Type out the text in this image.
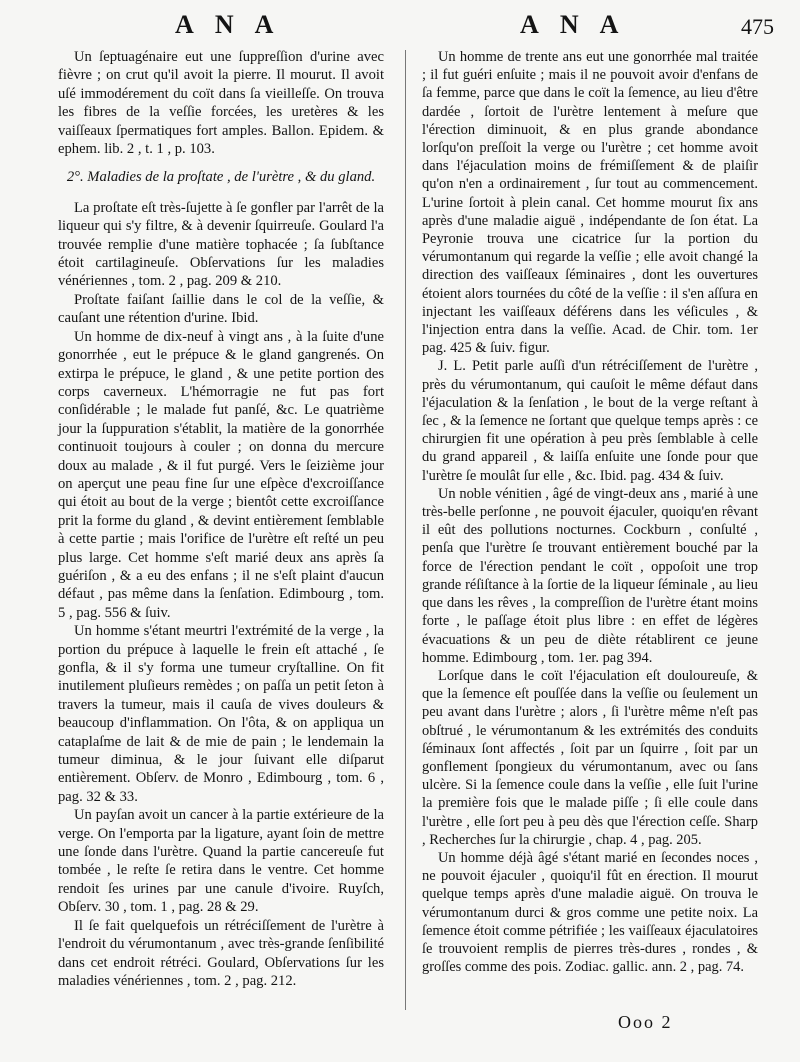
A N A	A N A	475

Un ſeptuagénaire eut une ſuppreſſion d'urine avec fièvre ; on crut qu'il avoit la pierre. Il mourut. Il avoit uſé immodérement du coït dans ſa vieilleſſe. On trouva les fibres de la veſſie forcées, les uretères & les vaiſſeaux ſpermatiques fort amples. Ballon. Epidem. & ephem. lib. 2 , t. 1 , p. 103.

2°. Maladies de la proſtate , de l'urètre , & du gland.

La proſtate eſt très-ſujette à ſe gonfler par l'arrêt de la liqueur qui s'y filtre, & à devenir ſquirreuſe. Goulard l'a trouvée remplie d'une matière tophacée ; ſa ſubſtance étoit cartilagineuſe. Obſervations ſur les maladies vénériennes , tom. 2 , pag. 209 & 210.

Proſtate faiſant ſaillie dans le col de la veſſie, & cauſant une rétention d'urine. Ibid.

Un homme de dix-neuf à vingt ans , à la ſuite d'une gonorrhée , eut le prépuce & le gland gangrenés. On extirpa le prépuce, le gland , & une petite portion des corps caverneux. L'hémorragie ne fut pas fort conſidérable ; le malade fut panſé, &c. Le quatrième jour la ſuppuration s'établit, la matière de la gonorrhée continuoit toujours à couler ; on donna du mercure doux au malade , & il fut purgé. Vers le ſeizième jour on aperçut une peau fine ſur une eſpèce d'excroiſſance qui étoit au bout de la verge ; bientôt cette excroiſſance prit la forme du gland , & devint entièrement ſemblable à cette partie ; mais l'orifice de l'urètre eſt reſté un peu plus large. Cet homme s'eſt marié deux ans après ſa guériſon , & a eu des enfans ; il ne s'eſt plaint d'aucun défaut , pas même dans la ſenſation. Edimbourg , tom. 5 , pag. 556 & ſuiv.

Un homme s'étant meurtri l'extrémité de la verge , la portion du prépuce à laquelle le frein eſt attaché , ſe gonfla, & il s'y forma une tumeur cryſtalline. On fit inutilement pluſieurs remèdes ; on paſſa un petit ſeton à travers la tumeur, mais il cauſa de vives douleurs & beaucoup d'inflammation. On l'ôta, & on appliqua un cataplaſme de lait & de mie de pain ; le lendemain la tumeur diminua, & le jour ſuivant elle diſparut entièrement. Obſerv. de Monro , Edimbourg , tom. 6 , pag. 32 & 33.

Un payſan avoit un cancer à la partie extérieure de la verge. On l'emporta par la ligature, ayant ſoin de mettre une ſonde dans l'urètre. Quand la partie cancereuſe fut tombée , le reſte ſe retira dans le ventre. Cet homme rendoit ſes urines par une canule d'ivoire. Ruyſch, Obſerv. 30 , tom. 1 , pag. 28 & 29.

Il ſe fait quelquefois un rétréciſſement de l'urètre à l'endroit du vérumontanum , avec très-grande ſenſibilité dans cet endroit rétréci. Goulard, Obſervations ſur les maladies vénériennes , tom. 2 , pag. 212.

Un homme de trente ans eut une gonorrhée mal traitée ; il fut guéri enſuite ; mais il ne pouvoit avoir d'enfans de ſa femme, parce que dans le coït la ſemence, au lieu d'être dardée , ſortoit de l'urètre lentement à meſure que l'érection diminuoit, & en plus grande abondance lorſqu'on preſſoit la verge ou l'urètre ; cet homme avoit dans l'éjaculation moins de frémiſſement & de plaiſir qu'on n'en a ordinairement , ſur tout au commencement. L'urine ſortoit à plein canal. Cet homme mourut ſix ans après d'une maladie aiguë , indépendante de ſon état. La Peyronie trouva une cicatrice ſur la portion du vérumontanum qui regarde la veſſie ; elle avoit changé la direction des vaiſſeaux ſéminaires , dont les ouvertures étoient alors tournées du côté de la veſſie : il s'en aſſura en injectant les vaiſſeaux déférens dans les véſicules , & l'injection entra dans la veſſie. Acad. de Chir. tom. 1er pag. 425 & ſuiv. figur.

J. L. Petit parle auſſi d'un rétréciſſement de l'urètre , près du vérumontanum, qui cauſoit le même défaut dans l'éjaculation & la ſenſation , le bout de la verge reſtant à ſec , & la ſemence ne ſortant que quelque temps après : ce chirurgien fit une opération à peu près ſemblable à celle du grand appareil , & laiſſa enſuite une ſonde pour que l'urètre ſe moulât ſur elle , &c. Ibid. pag. 434 & ſuiv.

Un noble vénitien , âgé de vingt-deux ans , marié à une très-belle perſonne , ne pouvoit éjaculer, quoiqu'en rêvant il eût des pollutions nocturnes. Cockburn , conſulté , penſa que l'urètre ſe trouvant entièrement bouché par la force de l'érection pendant le coït , oppoſoit une trop grande réſiſtance à la ſortie de la liqueur ſéminale , au lieu que dans les rêves , la compreſſion de l'urètre étant moins forte , le paſſage étoit plus libre : en effet de légères évacuations & un peu de diète rétablirent ce jeune homme. Edimbourg , tom. 1er. pag 394.

Lorſque dans le coït l'éjaculation eſt douloureuſe, & que la ſemence eſt pouſſée dans la veſſie ou ſeulement un peu avant dans l'urètre ; alors , ſi l'urètre même n'eſt pas obſtrué , le vérumontanum & les extrémités des conduits ſéminaux ſont affectés , ſoit par un ſquirre , ſoit par un gonflement ſpongieux du vérumontanum, avec ou ſans ulcère. Si la ſemence coule dans la veſſie , elle ſuit l'urine la première fois que le malade piſſe ; ſi elle coule dans l'urètre , elle ſort peu à peu dès que l'érection ceſſe. Sharp , Recherches ſur la chirurgie , chap. 4 , pag. 205.

Un homme déjà âgé s'étant marié en ſecondes noces , ne pouvoit éjaculer , quoiqu'il fût en érection. Il mourut quelque temps après d'une maladie aiguë. On trouva le vérumontanum durci & gros comme une petite noix. La ſemence étoit comme pétrifiée ; les vaiſſeaux éjaculatoires ſe trouvoient remplis de pierres très-dures , rondes , & groſſes comme des pois. Zodiac. gallic. ann. 2 , pag. 74.

Ooo 2
